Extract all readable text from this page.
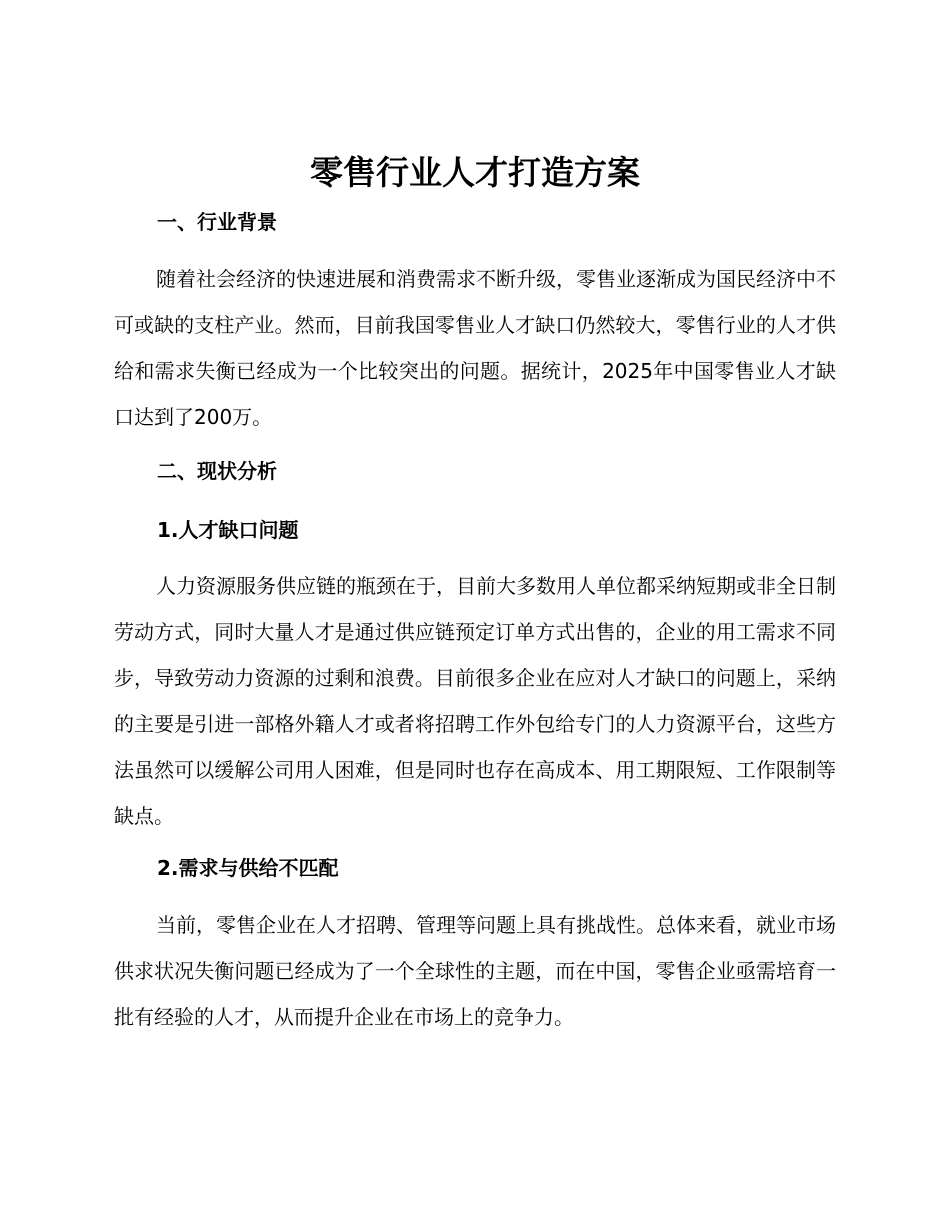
零售行业人才打造方案
一、行业背景

随着社会经济的快速进展和消费需求不断升级，零售业逐渐成为国民经济中不可或缺的支柱产业。然而，目前我国零售业人才缺口仍然较大，零售行业的人才供给和需求失衡已经成为一个比较突出的问题。据统计，2025年中国零售业人才缺口达到了200万。

二、现状分析
1.人才缺口问题

人力资源服务供应链的瓶颈在于，目前大多数用人单位都采纳短期或非全日制劳动方式，同时大量人才是通过供应链预定订单方式出售的，企业的用工需求不同步，导致劳动力资源的过剩和浪费。目前很多企业在应对人才缺口的问题上，采纳的主要是引进一部格外籍人才或者将招聘工作外包给专门的人力资源平台，这些方法虽然可以缓解公司用人困难，但是同时也存在高成本、用工期限短、工作限制等缺点。

2.需求与供给不匹配

当前，零售企业在人才招聘、管理等问题上具有挑战性。总体来看，就业市场供求状况失衡问题已经成为了一个全球性的主题，而在中国，零售企业亟需培育一批有经验的人才，从而提升企业在市场上的竞争力。
